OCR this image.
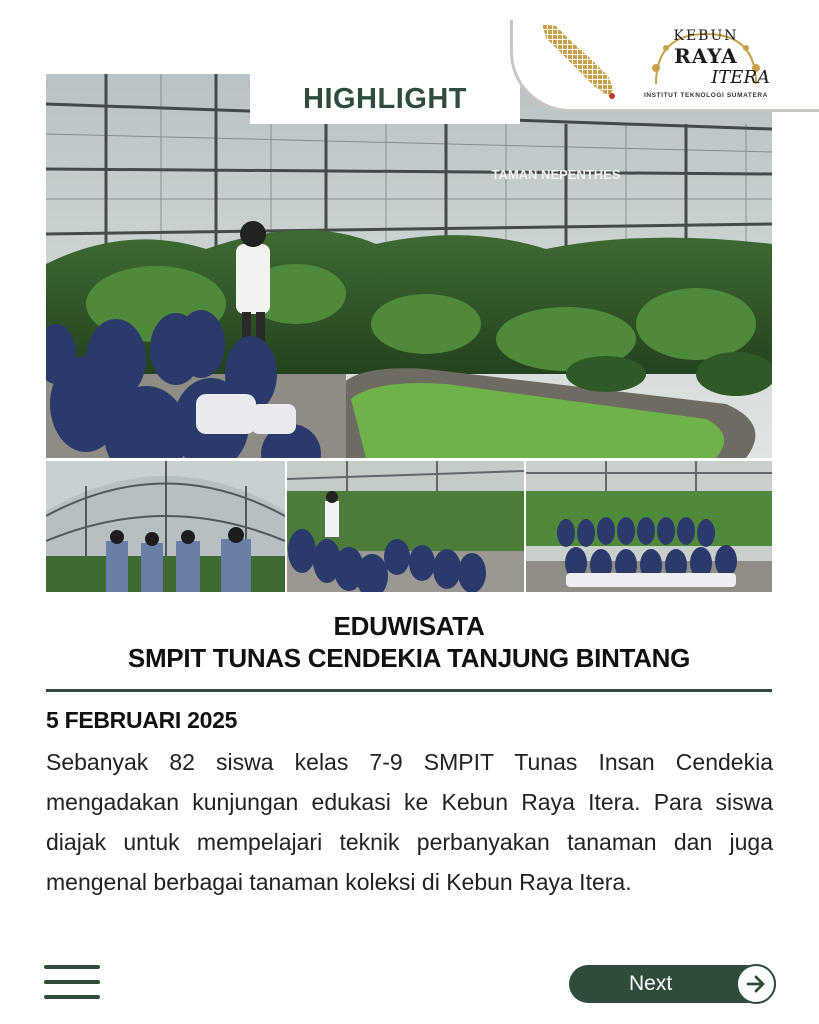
TAMAN NEPENTHES
HIGHLIGHT
KEBUN
RAYA
ITERA
INSTITUT TEKNOLOGI SUMATERA
EDUWISATA
SMPIT TUNAS CENDEKIA TANJUNG BINTANG
5 FEBRUARI 2025
Sebanyak 82 siswa kelas 7-9 SMPIT Tunas Insan Cendekia mengadakan kunjungan edukasi ke Kebun Raya Itera. Para siswa diajak untuk mempelajari teknik perbanyakan tanaman dan juga mengenal berbagai tanaman koleksi di Kebun Raya Itera.
Next
